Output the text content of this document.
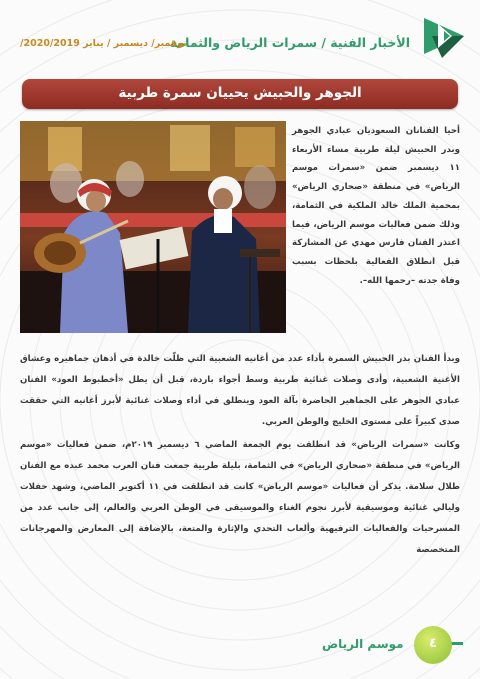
الأخبار الفنية / سمرات الرياض والثمامة
نوفمبر/ ديسمبر / يناير 2020/2019/
الجوهر والحبيش يحييان سمرة طربية

أحيا الفنانان السعوديان عبادي الجوهر وبدر الحبيش ليلة طربية مساء الأربعاء ١١ ديسمبر ضمن «سمرات موسم الرياض» في منطقة «صحاري الرياض» بمحمية الملك خالد الملكية في الثمامة، وذلك ضمن فعاليات موسم الرياض، فيما اعتذر الفنان فارس مهدي عن المشاركة قبل انطلاق الفعالية بلحظات بسبب وفاة جدته –رحمها الله–.

وبدأ الفنان بدر الحبيش السمرة بأداء عدد من أغانيه الشعبية التي ظلّت خالدة في أذهان جماهيره وعشاق الأغنية الشعبية، وأدى وصلات غنائية طربية وسط أجواء باردة، قبل أن يطل «أخطبوط العود» الفنان عبادي الجوهر على الجماهير الحاضرة بآلة العود وينطلق في أداء وصلات غنائية لأبرز أغانيه التي حققت صدى كبيراً على مستوى الخليج والوطن العربي.

وكانت «سمرات الرياض» قد انطلقت يوم الجمعة الماضي ٦ ديسمبر ٢٠١٩م، ضمن فعاليات «موسم الرياض» في منطقة «صحاري الرياض» في الثمامة، بليلة طربية جمعت فنان العرب محمد عبده مع الفنان طلال سلامة. يذكر أن فعاليات «موسم الرياض» كانت قد انطلقت في ١١ أكتوبر الماضي، وشهد حفلات وليالي غنائية وموسيقية لأبرز نجوم الغناء والموسيقى في الوطن العربي والعالم، إلى جانب عدد من المسرحيات والفعاليات الترفيهية وألعاب التحدي والإثارة والمتعة، بالإضافة إلى المعارض والمهرجانات المتخصصة

موسم الرياض	٤
